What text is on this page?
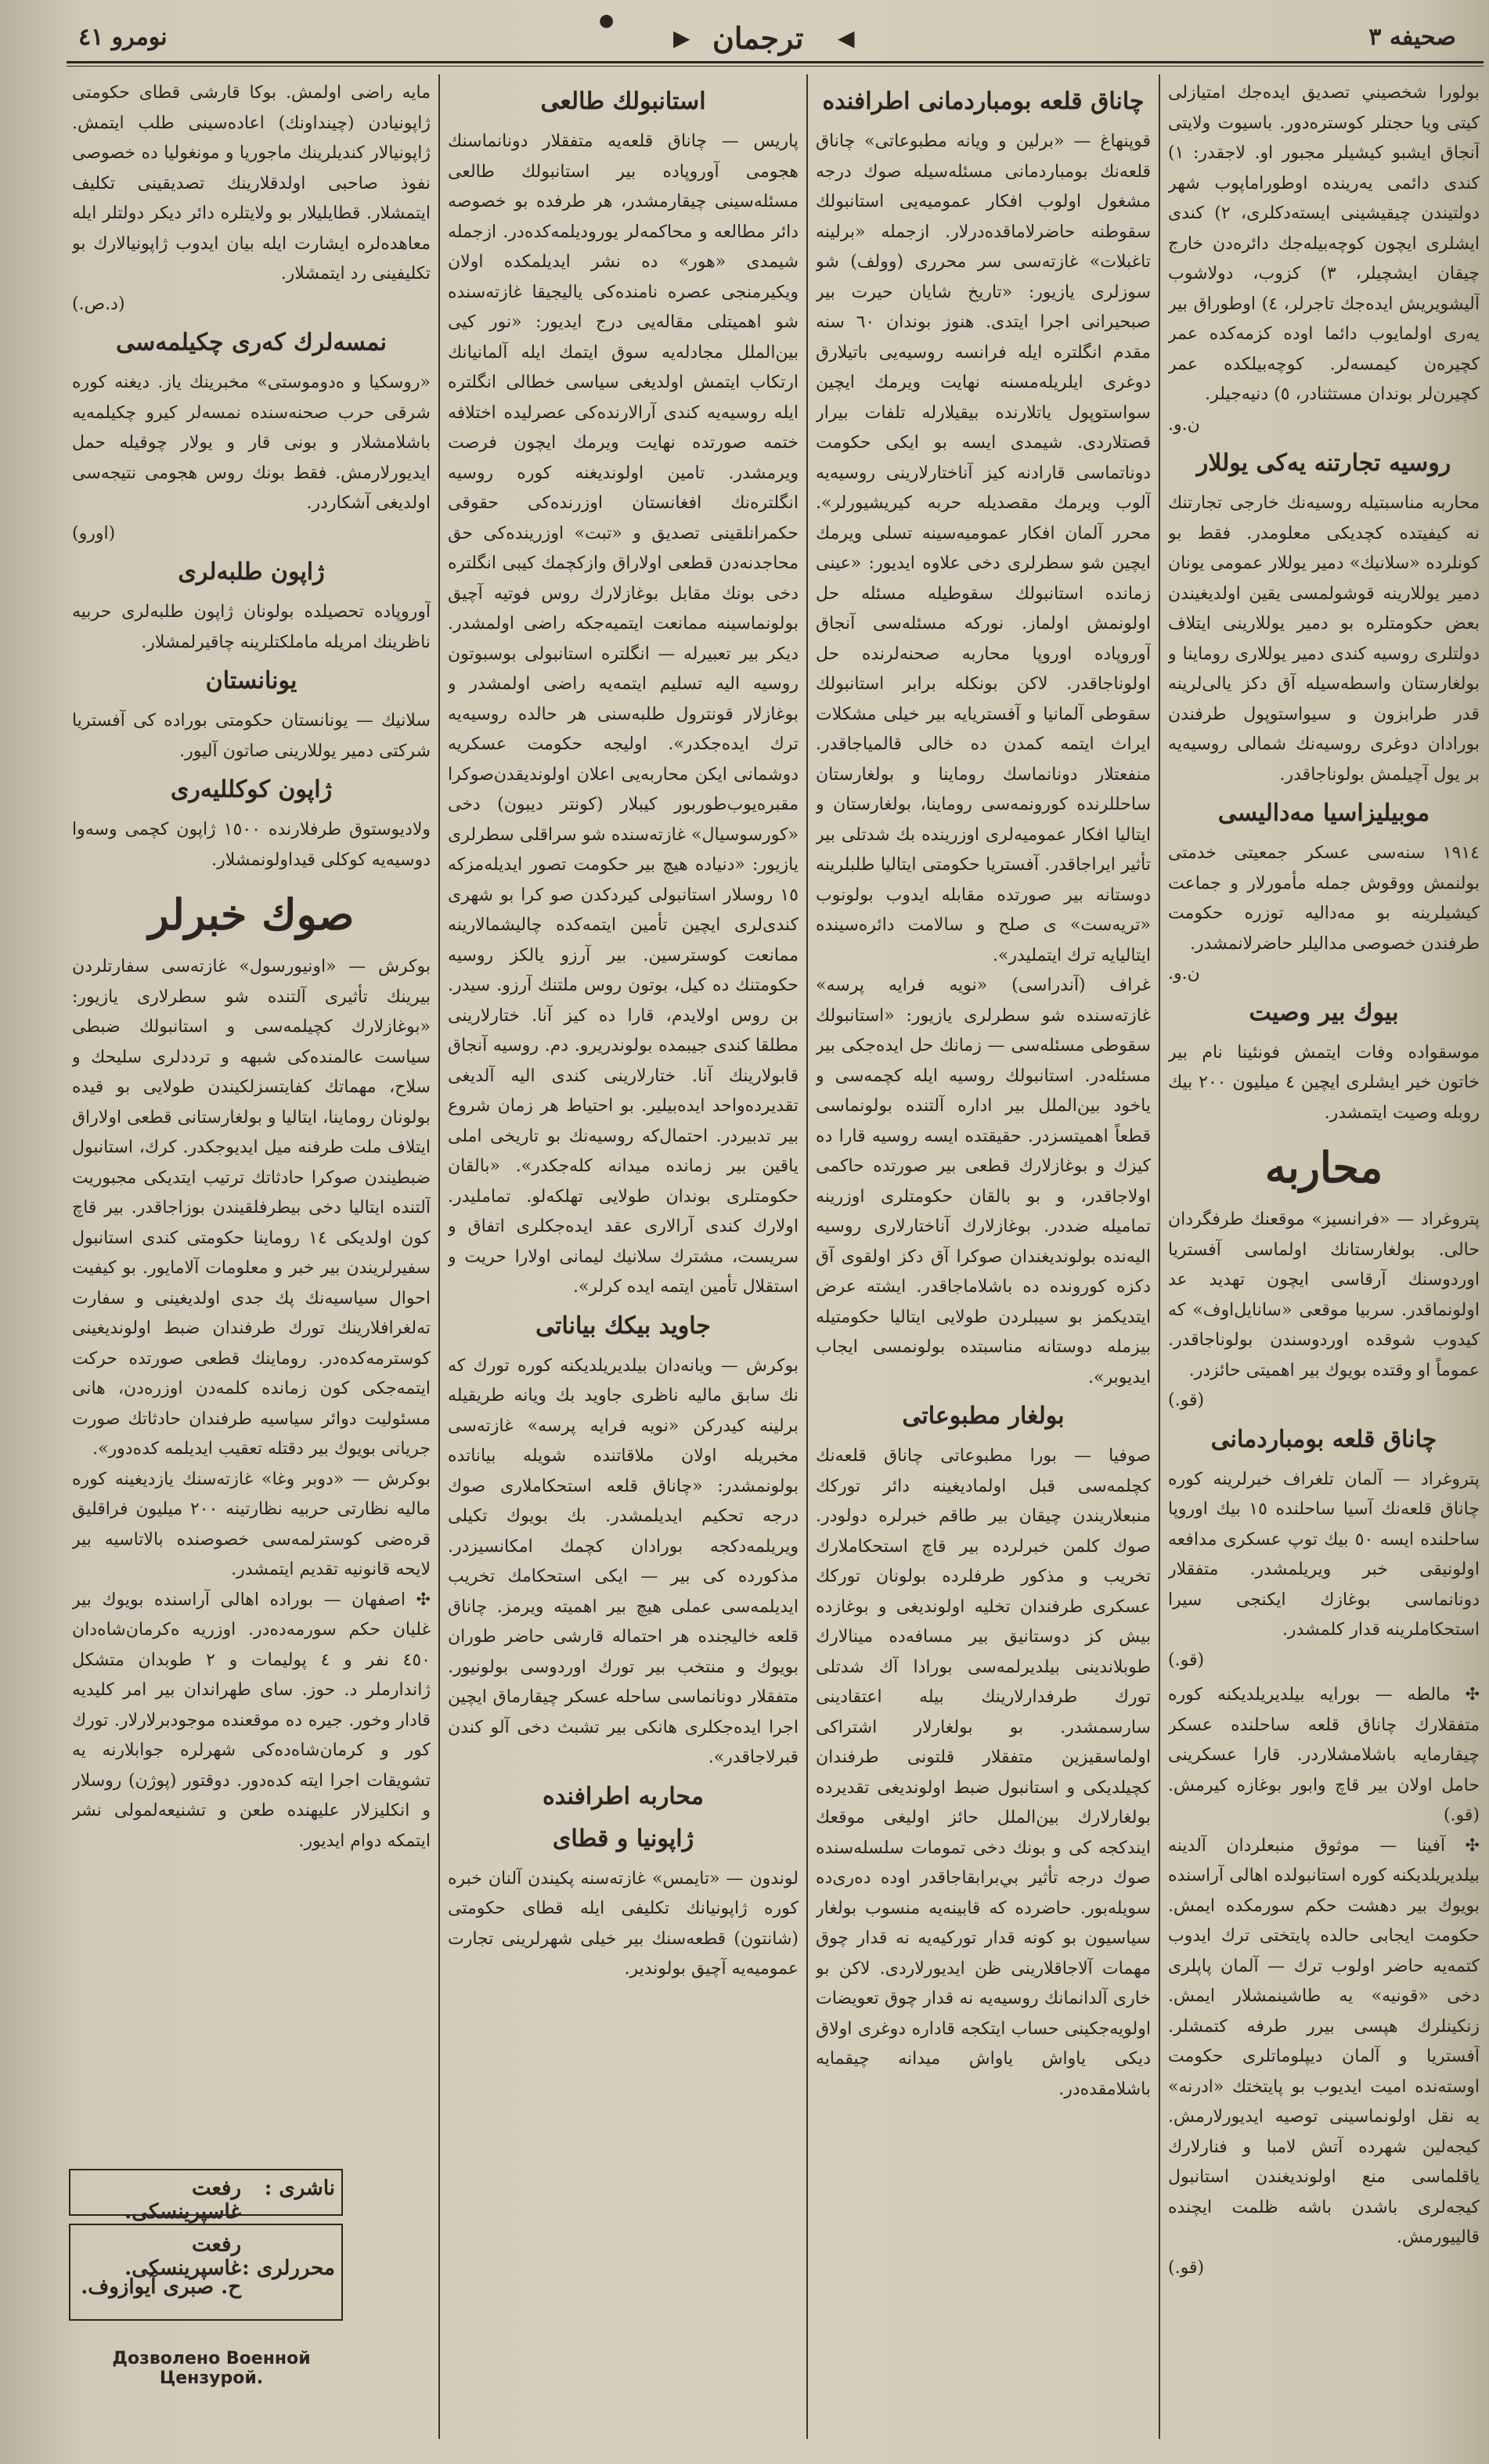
صحيفه ۳
◀
ترجمان
▶
●
نومرو ٤١
بولورا شخصيني تصديق ايده‌جك امتيازلى كيتى ويا حجتلر كوستره‌دور. باسيوت ولايتى آنجاق ايشبو كيشيلر مجبور او. لاجقدر: ١) كندى دائمى يه‌رينده اوطوراماپوب شهر دولتيندن چيقيشينى ايسته‌دكلرى، ٢) كندى ايشلرى ايچون كوچه‌بيله‌جك دائره‌دن خارج چيقان ايشچيلر، ٣) كزوب، دولاشوب آليشويريش ايده‌جك تاجرلر، ٤) اوطوراق بير يه‌رى اولمايوب دائما اوده كزمه‌كده عمر كچيره‌ن كيمسه‌لر. كوچه‌بيلكده عمر كچيرن‌لر بوندان مستثنادر، ٥) دنيه‌جيلر.
ن.و.
روسيه تجارتنه يه‌كى يوللار
محاربه مناسبتيله روسيه‌نك خارجى تجارتنك نه كيفيتده كچديكى معلومدر. فقط بو كونلرده «سلانيك» دمير يوللار عمومى يونان دمير يوللارينه قوشولمسى يقين اولديغيندن بعض حكومتلره بو دمير يوللارينى ايتلاف دولتلرى روسيه كندى دمير يوللارى روماينا و بولغارستان واسطه‌سيله آق دكز يالى‌لرينه قدر طرابزون و سيواستوپول طرفندن بورادان دوغرى روسيه‌نك شمالى روسيه‌يه بر يول آچيلمش بولوناجاقدر.
موبيليزاسيا مه‌داليسى
١٩١٤ سنه‌سى عسكر جمعيتى خدمتى بولنمش ووقوش جمله مأمورلار و جماعت كيشيلرينه بو مه‌داليه توزره حكومت طرفندن خصوصى مداليلر حاضرلانمشدر.
ن.و.
بيوك بير وصيت
موسقواده وفات ايتمش فونئينا نام بير خاتون خير ايشلرى ايچين ٤ ميليون ٢٠٠ بيك روبله وصيت ايتمشدر.
محاربه
پتروغراد — «فرانسيز» موقعنك طرفگردان حالى. بولغارستانك اولماسى آفستريا اوردوسنك آرقاسى ايچون تهديد عد اولونماقدر. سربيا موقعى «سانايل‌اوف» كه كيدوب شوقده اوردوسندن بولوناجاقدر. عموماً او وقتده بويوك بير اهميتى حائزدر.
(قو.)
چاناق قلعه بومباردمانى
پتروغراد — آلمان تلغراف خبرلرينه كوره چاناق قلعه‌نك آسيا ساحلنده ١٥ بيك اوروپا ساحلنده ايسه ٥٠ بيك توپ عسكرى مدافعه اولونيقى خبر ويريلمشدر. متفقلار دونانماسى بوغازك ايكنجى سيرا استحكاملرينه قدار كلمشدر.
(قو.)
✣ مالطه — بورايه بيلديريلديكنه كوره متفقلارك چاناق قلعه ساحلنده عسكر چيقارمايه باشلامشلاردر. قارا عسكرينى حامل اولان بير قاچ وابور بوغازه كيرمش. (قو.)
✣ آفينا — موثوق منبعلردان آلدينه بيلديريلديكنه كوره استانبولده اهالى آراسنده بويوك بير دهشت حكم سورمكده ايمش. حكومت ايجابى حالده پايتختى ترك ايدوب كتمه‌يه حاضر اولوب ترك — آلمان پاپلرى دخى «قونيه» يه طاشينمشلار ايمش. زنكينلرك هپسى بيرر طرفه كتمشلر. آفستريا و آلمان ديپلوماتلرى حكومت اوسته‌نده اميت ايديوب بو پايتختك «ادرنه» يه نقل اولونماسينى توصيه ايديورلارمش. كيجه‌لين شهرده آتش لامبا و فنارلارك ياقلماسى منع اولونديغندن استانبول كيجه‌لرى باشدن باشه ظلمت ايچنده قالييورمش.
(قو.)
چاناق قلعه بومباردمانى اطرافنده
قوپنهاغ — «برلين و ويانه مطبوعاتى» چاناق قلعه‌نك بومباردمانى مسئله‌سيله صوك درجه مشغول اولوب افكار عموميه‌يى استانبولك سقوطنه حاضرلاماقده‌درلار. ازجمله «برلينه تاغبلات» غازته‌سى سر محررى (وولف) شو سوزلرى يازيور: «تاريخ شايان حيرت بير صبحيرانى اجرا ايتدى. هنوز بوندان ٦٠ سنه مقدم انگلتره ايله فرانسه روسيه‌يى باتيلارق دوغرى ايلريله‌مسنه نهايت ويرمك ايچين سواستوپول ياتلارنده بيقيلارله تلفات بيرار قصتلاردى. شيمدى ايسه بو ايكى حكومت دوناتماسى قارادنه كيز آناختارلارينى روسيه‌يه آلوب ويرمك مقصديله حربه كيريشيورلر». محرر آلمان افكار عموميه‌سينه تسلى ويرمك ايچين شو سطرلرى دخى علاوه ايديور: «عينى زمانده استانبولك سقوطيله مسئله حل اولونمش اولماز. نوركه مسئله‌سى آنجاق آوروپاده اوروپا محاربه صحنه‌لرنده حل اولوناجاقدر. لاكن بونكله برابر استانبولك سقوطى آلمانيا و آفستريايه بير خيلى مشكلات ايراث ايتمه كمدن ده خالى قالمياجاقدر. منفعتلار دونانماسك روماينا و بولغارستان ساحللرنده كورونمه‌سى روماينا، بولغارستان و ايتاليا افكار عموميه‌لرى اوزرينده بك شدتلى بير تأثير ايراجاقدر. آفستريا حكومتى ايتاليا طلبلرينه دوستانه بير صورتده مقابله ايدوب بولونوب «تريه‌ست» ى صلح و سالامت دائره‌سينده ايتاليايه ترك ايتمليدر».
غراف (آندراسى) «نويه فرايه پرسه» غازته‌سنده شو سطرلرى يازيور: «استانبولك سقوطى مسئله‌سى — زمانك حل ايده‌جكى بير مسئله‌در. استانبولك روسيه ايله كچمه‌سى و ياخود بين‌الملل بير اداره آلتنده بولونماسى قطعاً اهميتسزدر. حقيقتده ايسه روسيه قارا ده كيزك و بوغازلارك قطعى بير صورتده حاكمى اولاجاقدر، و بو بالقان حكومتلرى اوزرينه تماميله ضددر. بوغازلارك آناختارلارى روسيه اليه‌نده بولونديغندان صوكرا آق دكز اولقوى آق دكزه كورونده ده باشلاماجاقدر. ايشته عرض ايتديكمز بو سيبلردن طولايى ايتاليا حكومتيله بيزمله دوستانه مناسبتده بولونمسى ايجاب ايديوبر».
بولغار مطبوعاتى
صوفيا — بورا مطبوعاتى چاناق قلعه‌نك كچلمه‌سى قبل اولماديغينه دائر توركك منبعلاريندن چيقان بير طاقم خبرلره دولودر. صوك كلمن خبرلرده بير قاچ استحكاملارك تخريب و مذكور طرفلرده بولونان توركك عسكرى طرفندان تخليه اولونديغى و بوغازده بيش كز دوستانيق بير مسافه‌ده مينالارك طوبلاندينى بيلديرلمه‌سى بورادا آك شدتلى تورك طرفدارلارينك بيله اعتقادينى سارسمشدر. بو بولغارلار اشتراكى اولماسقيزين متفقلار قلتونى طرفندان كچيلديكى و استانبول ضبط اولونديغى تقديرده بولغارلارك بين‌الملل حائز اوليغى موقعك ايندكجه كى و بونك دخى تمومات سلسله‌سنده صوك درجه تأثير بي‌برابقاجاقدر اوده ده‌رى‌ده سويله‌بور. حاضرده كه قابينه‌يه منسوب بولغار سياسيون بو كونه قدار توركيه‌يه نه قدار چوق مهمات آلاجاقلارينى ظن ايديورلاردى. لاكن بو خارى آلدانمانك روسيه‌يه نه قدار چوق تعويضات اولويه‌جكينى حساب ايتكجه قاداره دوغرى اولاق ديكى ياواش ياواش ميدانه چيقمايه باشلامقده‌در.
استانبولك طالعى
پاريس — چاناق قلعه‌يه متفقلار دونانماسنك هجومى آوروپاده بير استانبولك طالعى مسئله‌سينى چيقارمشدر، هر طرفده بو خصوصه دائر مطالعه و محاكمه‌لر يوروديلمه‌كده‌در. ازجمله شيمدى «هور» ده نشر ايديلمكده اولان ويكيرمنجى عصره نامنده‌كى ياليجيقا غازته‌سنده شو اهميتلى مقاله‌يى درج ايديور: «نور كيى بين‌الملل مجادله‌يه سوق ايتمك ايله آلمانيانك ارتكاب ايتمش اولديغى سياسى خطالى انگلتره ايله روسيه‌يه كندى آرالارنده‌كى عصرليده اختلافه ختمه صورتده نهايت ويرمك ايچون فرصت ويرمشدر. تامين اولونديغنه كوره روسيه انگلتره‌نك افغانستان اوزرنده‌كى حقوقى حكمرانلقينى تصديق و «تبت» اوزرينده‌كى حق محاجدنه‌دن قطعى اولاراق وازكچمك كيبى انگلتره دخى بونك مقابل بوغازلارك روس فوتيه آچيق بولونماسينه ممانعت ايتميه‌جكه راضى اولمشدر. ديكر بير تعبيرله — انگلتره استانبولى بوسبوتون روسيه اليه تسليم ايتمه‌يه راضى اولمشدر و بوغازلار قونترول طلبه‌سنى هر حالده روسيه‌يه ترك ايده‌جكدر». اوليجه حكومت عسكريه دوشمانى ايكن محاربه‌يى اعلان اولونديقدن‌صوكرا مقبره‌يوب‌طوربور كيبلار (كونتر ديبون) دخى «كورسوسيال» غازته‌سنده شو سراقلى سطرلرى يازيور: «دنياده هيچ بير حكومت تصور ايديله‌مزكه ١٥ روسلار استانبولى كيردكدن صو كرا بو شهرى كندى‌لرى ايچين تأمين ايتمه‌كده چاليشمالارينه ممانعت كوسترسين. بير آرزو يالكز روسيه حكومتنك ده كيل، بوتون روس ملتنك آرزو. سيدر. بن روس اولايدم، قارا ده كيز آنا. ختارلارينى مطلقا كندى جيبمده بولوندريرو. دم. روسيه آنجاق قابولارينك آنا. ختارلارينى كندى اليه آلديغى تقديرده‌واحد ايده‌بيلير. بو احتياط هر زمان شروع بير تدبيردر. احتمال‌كه روسيه‌نك بو تاريخى املى ياقين بير زمانده ميدانه كله‌جكدر». «بالقان حكومتلرى بوندان طولايى تهلكه‌لو. تمامليدر. اولارك كندى آرالارى عقد ايده‌جكلرى اتفاق و سريست، مشترك سلانيك ليمانى اولارا حريت و استقلال تأمين ايتمه ايده كرلر».
جاويد بيكك بياناتى
بوكرش — ويانه‌دان بيلديريلديكنه كوره تورك كه نك سابق ماليه ناظرى جاويد بك ويانه طريقيله برلينه كيدركن «نويه فرايه پرسه» غازته‌سى مخبريله اولان ملاقاتنده شويله بياناتده بولونمشدر: «چاناق قلعه استحكاملارى صوك درجه تحكيم ايديلمشدر. بك بويوك تكيلى ويريلمه‌دكجه‌ بورادان كچمك امكانسيزدر. مذكورده كى بير — ايكى استحكامك تخريب ايديلمه‌سى عملى هيچ بير اهميته ويرمز. چاناق قلعه خاليجنده هر احتماله قارشى حاضر طوران بويوك و منتخب بير تورك اوردوسى بولونيور. متفقلار دونانماسى ساحله عسكر چيقارماق ايچين اجرا ايده‌جكلرى هانكى بير تشبث دخى آلو كندن قبرلاجاقدر».
محاربه اطرافنده
ژاپونيا و قطاى
لوندون — «تايمس» غازته‌سنه پكيندن آلنان خبره كوره ژاپونيانك تكليفى ايله قطاى حكومتى (شانتون) قطعه‌سنك بير خيلى شهرلرينى تجارت عموميه‌يه آچيق بولوندير.
مايه راضى اولمش. بوكا قارشى قطاى حكومتى ژاپونيادن (چينداونك) اعاده‌سينى طلب ايتمش. ژاپونيالار كنديلرينك ماجوريا و مونغوليا ده خصوصى نفوذ صاحبى اولدقلارينك تصديقينى تكليف ايتمشلار. قطايليلار بو ولايتلره دائر ديكر دولتلر ايله معاهده‌لره ايشارت ايله بيان ايدوب ژاپونيالارك بو تكليفينى رد ايتمشلار.
(د.ص.)
نمسه‌لرك كه‌رى چكيلمه‌سى
«روسكيا و ه‌دوموستى» مخبرينك ياز. ديغنه كوره شرقى حرب صحنه‌سنده نمسه‌لر كيرو چكيلمه‌يه باشلامشلار و بونى قار و يولار چوقيله حمل ايديورلارمش. فقط بونك روس هجومى نتيجه‌سى اولديغى آشكاردر.
(اورو)
ژاپون طلبه‌لرى
آوروپاده تحصيلده بولونان ژاپون طلبه‌لرى حربيه ناظرينك امريله ماملكتلرينه چاقيرلمشلار.
يونانستان
سلانيك — يونانستان حكومتى بوراده كى آفستريا شركتى دمير يوللارينى صاتون آليور.
ژاپون كوكلليه‌رى
ولاديوستوق طرفلارنده ١٥٠٠ ژاپون كچمى وسه‌وا دوسيه‌يه كوكلى قيداولونمشلار.
صوك خبرلر
بوكرش — «اونيورسول» غازته‌سى سفارتلردن بيرينك تأثيرى آلتنده شو سطرلارى يازيور: «بوغازلارك كچيلمه‌سى و استانبولك ضبطى سياست عالمنده‌كى شبهه و تردد‌لرى سليحك و سلاح، مهماتك كفايتسزلكيندن طولايى بو قيده بولونان روماينا، ايتاليا و بولغارستانى قطعى اولاراق ايتلاف ملت طرفنه ميل ايديوجكدر. كرك، استانبول ضبطيندن صوكرا حادثاتك ترتيب ايتديكى مجبوريت آلتنده ايتاليا دخى بيطرفلقيندن بوزاجاقدر. بير قاچ كون اولديكى ١٤ روماينا حكومتى كندى استانبول سفيرلريندن بير خبر و معلومات آلامايور. بو كيفيت احوال سياسيه‌نك پك جدى اولديغينى و سفارت ته‌لغرافلارينك تورك طرفندان ضبط اولونديغينى كوسترمه‌كده‌در. روماينك قطعى صورتده حركت ايتمه‌جكى كون زمانده كلمه‌دن اوزره‌دن، هانى مسئوليت دوائر سياسيه طرفندان حادثاتك صورت جريانى بويوك بير دقتله تعقيب ايديلمه كده‌دور».
بوكرش — «دوبر وغا» غازته‌سنك يازديغينه كوره ماليه نظارتى حربيه نظارتينه ٢٠٠ ميليون فراقليق قره‌ضى كوسترلمه‌سى خصوصنده بالاتاسيه بير لايحه قانونيه تقديم ايتمشدر.
✣ اصفهان — بوراده اهالى آراسنده بويوك بير غليان حكم سورمه‌ده‌در. اوزريه ه‌كرمان‌شاه‌دان ٤٥٠ نفر و ٤ پوليمات و ٢ طوبدان متشكل ژاندارملر د. حوز. ساى طهراندان بير امر كليديه قادار وخور. جيره ده موقعنده موجودبرلارلار. تورك كور و كرمان‌شاه‌ده‌كى شهرلره جوابلارنه يه تشويقات اجرا ايته كده‌دور. دوقتور (پوژن) روسلار و انكليزلار عليهنده طعن و تشنيعه‌لمولى نشر ايتمكه دوام ايديور.
ناشرى :
رفعت غاسپرينسكى.
محررلرى :
رفعت غاسپرينسكى.
ح. صبرى آيوازوف.
Дозволено Военной Цензурой.
